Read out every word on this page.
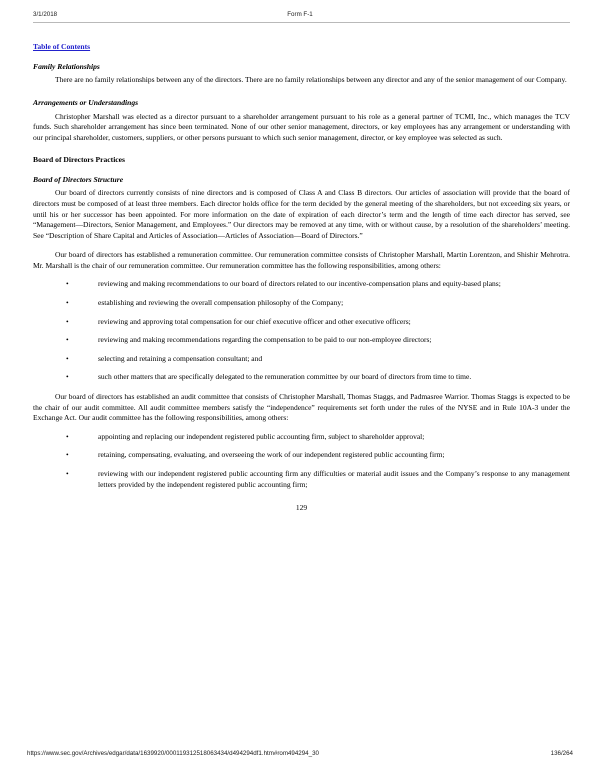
3/1/2018	Form F-1
Table of Contents
Family Relationships

There are no family relationships between any of the directors. There are no family relationships between any director and any of the senior management of our Company.

Arrangements or Understandings

Christopher Marshall was elected as a director pursuant to a shareholder arrangement pursuant to his role as a general partner of TCMI, Inc., which manages the TCV funds. Such shareholder arrangement has since been terminated. None of our other senior management, directors, or key employees has any arrangement or understanding with our principal shareholder, customers, suppliers, or other persons pursuant to which such senior management, director, or key employee was selected as such.

Board of Directors Practices
Board of Directors Structure

Our board of directors currently consists of nine directors and is composed of Class A and Class B directors. Our articles of association will provide that the board of directors must be composed of at least three members. Each director holds office for the term decided by the general meeting of the shareholders, but not exceeding six years, or until his or her successor has been appointed. For more information on the date of expiration of each director’s term and the length of time each director has served, see “Management—Directors, Senior Management, and Employees.” Our directors may be removed at any time, with or without cause, by a resolution of the shareholders’ meeting. See “Description of Share Capital and Articles of Association—Articles of Association—Board of Directors.”

Our board of directors has established a remuneration committee. Our remuneration committee consists of Christopher Marshall, Martin Lorentzon, and Shishir Mehrotra. Mr. Marshall is the chair of our remuneration committee. Our remuneration committee has the following responsibilities, among others:

•	reviewing and making recommendations to our board of directors related to our incentive-compensation plans and equity-based plans;
•	establishing and reviewing the overall compensation philosophy of the Company;
•	reviewing and approving total compensation for our chief executive officer and other executive officers;
•	reviewing and making recommendations regarding the compensation to be paid to our non-employee directors;
•	selecting and retaining a compensation consultant; and
•	such other matters that are specifically delegated to the remuneration committee by our board of directors from time to time.

Our board of directors has established an audit committee that consists of Christopher Marshall, Thomas Staggs, and Padmasree Warrior. Thomas Staggs is expected to be the chair of our audit committee. All audit committee members satisfy the “independence” requirements set forth under the rules of the NYSE and in Rule 10A-3 under the Exchange Act. Our audit committee has the following responsibilities, among others:

•	appointing and replacing our independent registered public accounting firm, subject to shareholder approval;
•	retaining, compensating, evaluating, and overseeing the work of our independent registered public accounting firm;
•	reviewing with our independent registered public accounting firm any difficulties or material audit issues and the Company’s response to any management letters provided by the independent registered public accounting firm;
129
https://www.sec.gov/Archives/edgar/data/1639920/000119312518063434/d494294df1.htm#rom494294_30	136/264
